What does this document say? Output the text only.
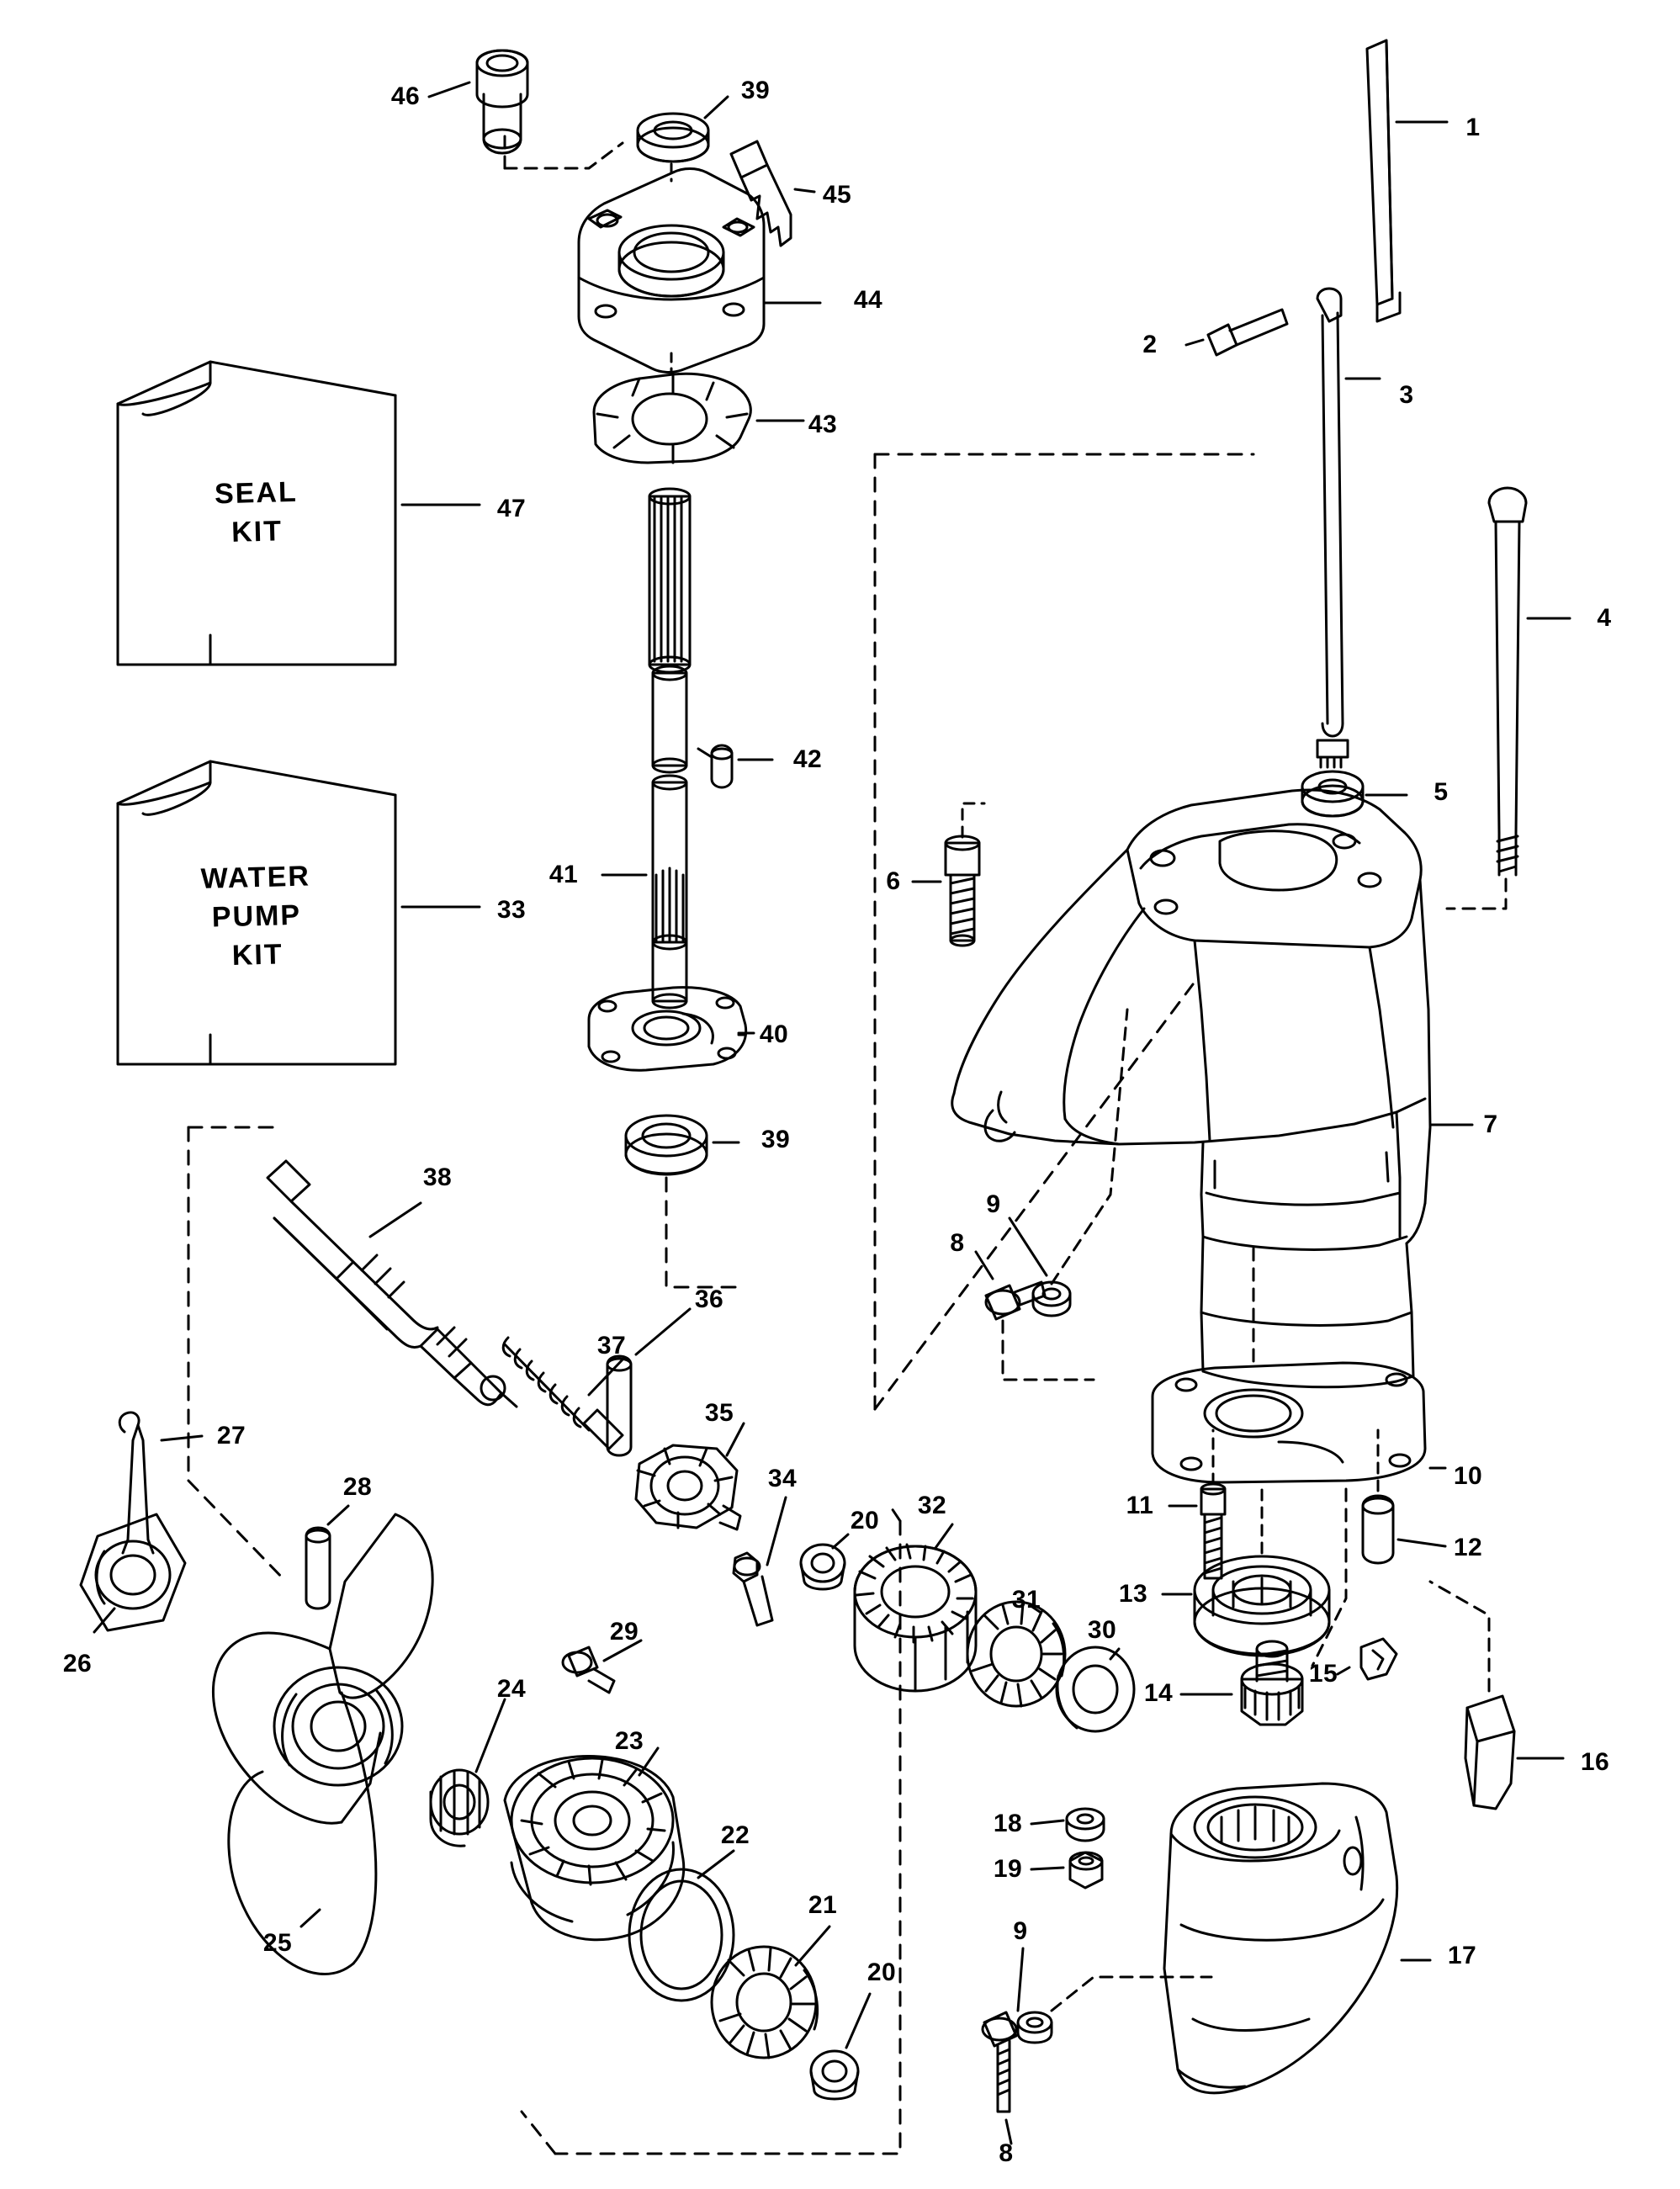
SEAL
KIT
WATER
PUMP
KIT
1
2
3
4
5
6
7
8
9
10
11
12
13
14
15
16
17
18
19
9
8
20
20
21
22
23
24
25
26
27
28
29	30
31
32
34
35
36
37
38
39
39
40
41
42
43
44
45
46
47
33
